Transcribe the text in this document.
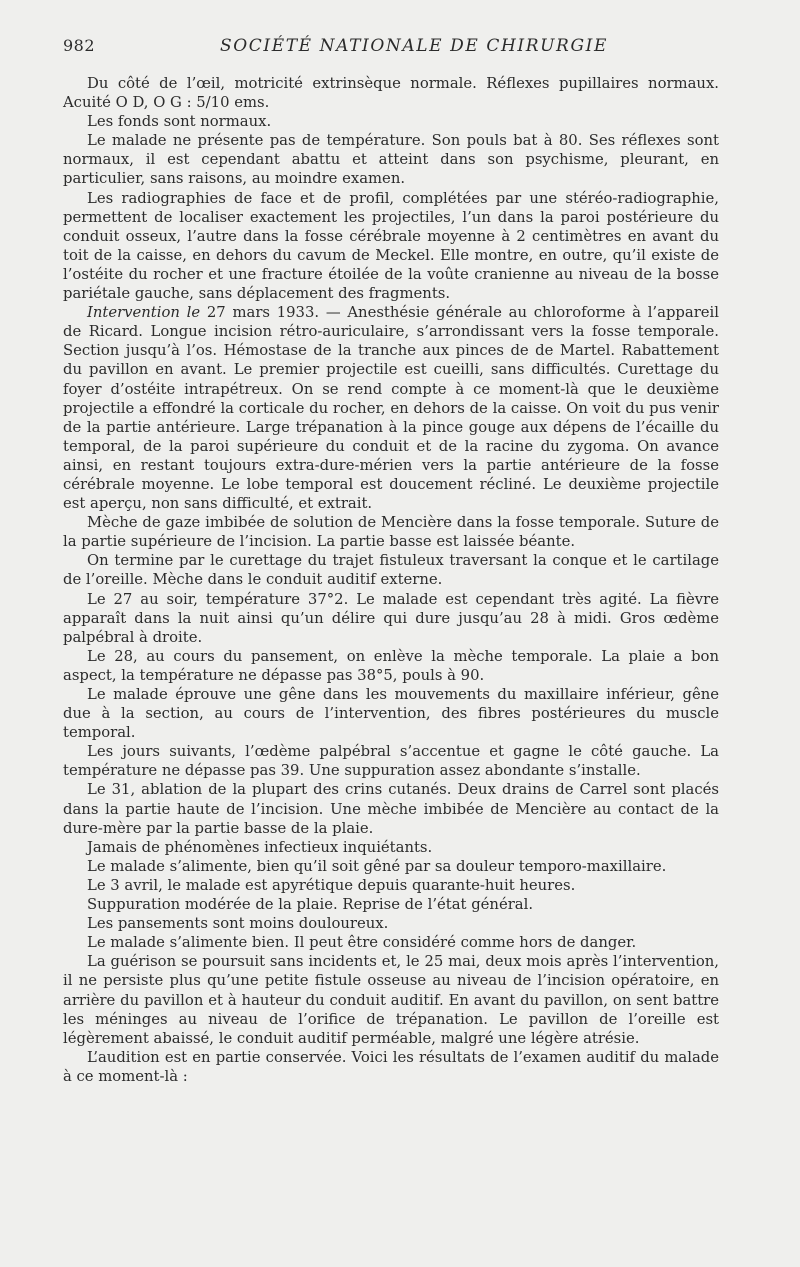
982	SOCIÉTÉ NATIONALE DE CHIRURGIE

Du côté de l’œil, motricité extrinsèque normale. Réflexes pupillaires normaux. Acuité O D, O G : 5/10 ems.

Les fonds sont normaux.

Le malade ne présente pas de température. Son pouls bat à 80. Ses réflexes sont normaux, il est cependant abattu et atteint dans son psychisme, pleurant, en particulier, sans raisons, au moindre examen.

Les radiographies de face et de profil, complétées par une stéréo-radiographie, permettent de localiser exactement les projectiles, l’un dans la paroi postérieure du conduit osseux, l’autre dans la fosse cérébrale moyenne à 2 centimètres en avant du toit de la caisse, en dehors du cavum de Meckel. Elle montre, en outre, qu’il existe de l’ostéite du rocher et une fracture étoilée de la voûte cranienne au niveau de la bosse pariétale gauche, sans déplacement des fragments.

Intervention le 27 mars 1933. — Anesthésie générale au chloroforme à l’appareil de Ricard. Longue incision rétro-auriculaire, s’arrondissant vers la fosse temporale. Section jusqu’à l’os. Hémostase de la tranche aux pinces de de Martel. Rabattement du pavillon en avant. Le premier projectile est cueilli, sans difficultés. Curettage du foyer d’ostéite intrapétreux. On se rend compte à ce moment-là que le deuxième projectile a effondré la corticale du rocher, en dehors de la caisse. On voit du pus venir de la partie antérieure. Large trépanation à la pince gouge aux dépens de l’écaille du temporal, de la paroi supérieure du conduit et de la racine du zygoma. On avance ainsi, en restant toujours extra-dure-mérien vers la partie antérieure de la fosse cérébrale moyenne. Le lobe temporal est doucement récliné. Le deuxième projectile est aperçu, non sans difficulté, et extrait.

Mèche de gaze imbibée de solution de Mencière dans la fosse temporale. Suture de la partie supérieure de l’incision. La partie basse est laissée béante.

On termine par le curettage du trajet fistuleux traversant la conque et le cartilage de l’oreille. Mèche dans le conduit auditif externe.

Le 27 au soir, température 37°2. Le malade est cependant très agité. La fièvre apparaît dans la nuit ainsi qu’un délire qui dure jusqu’au 28 à midi. Gros œdème palpébral à droite.

Le 28, au cours du pansement, on enlève la mèche temporale. La plaie a bon aspect, la température ne dépasse pas 38°5, pouls à 90.

Le malade éprouve une gêne dans les mouvements du maxillaire inférieur, gêne due à la section, au cours de l’intervention, des fibres postérieures du muscle temporal.

Les jours suivants, l’œdème palpébral s’accentue et gagne le côté gauche. La température ne dépasse pas 39. Une suppuration assez abondante s’installe.

Le 31, ablation de la plupart des crins cutanés. Deux drains de Carrel sont placés dans la partie haute de l’incision. Une mèche imbibée de Mencière au contact de la dure-mère par la partie basse de la plaie.

Jamais de phénomènes infectieux inquiétants.

Le malade s’alimente, bien qu’il soit gêné par sa douleur temporo-maxillaire.

Le 3 avril, le malade est apyrétique depuis quarante-huit heures.

Suppuration modérée de la plaie. Reprise de l’état général.

Les pansements sont moins douloureux.

Le malade s’alimente bien. Il peut être considéré comme hors de danger.

La guérison se poursuit sans incidents et, le 25 mai, deux mois après l’intervention, il ne persiste plus qu’une petite fistule osseuse au niveau de l’incision opératoire, en arrière du pavillon et à hauteur du conduit auditif. En avant du pavillon, on sent battre les méninges au niveau de l’orifice de trépanation. Le pavillon de l’oreille est légèrement abaissé, le conduit auditif perméable, malgré une légère atrésie.

L’audition est en partie conservée. Voici les résultats de l’examen auditif du malade à ce moment-là :
